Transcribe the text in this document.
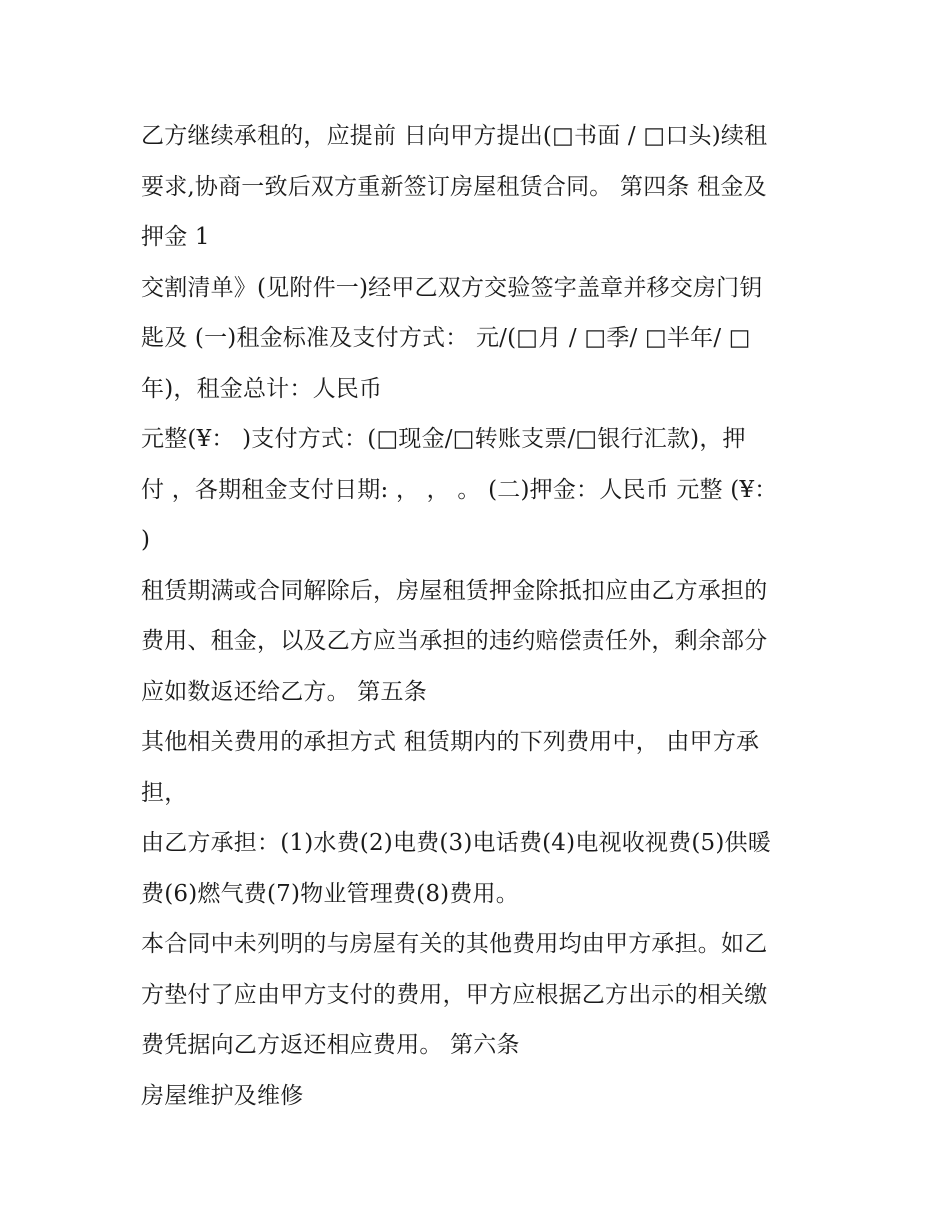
乙方继续承租的，应提前 日向甲方提出(□书面 / □口头)续租
要求,协商一致后双方重新签订房屋租赁合同。 第四条 租金及
押金 1
交割清单》(见附件一)经甲乙双方交验签字盖章并移交房门钥
匙及 (一)租金标准及支付方式： 元/(□月 / □季/ □半年/ □
年)，租金总计：人民币
元整(¥： )支付方式：(□现金/□转账支票/□银行汇款)，押
付 ，各期租金支付日期: ， ， 。 (二)押金：人民币 元整 (¥：
)
租赁期满或合同解除后，房屋租赁押金除抵扣应由乙方承担的
费用、租金，以及乙方应当承担的违约赔偿责任外，剩余部分
应如数返还给乙方。 第五条
其他相关费用的承担方式 租赁期内的下列费用中， 由甲方承
担，
由乙方承担：(1)水费(2)电费(3)电话费(4)电视收视费(5)供暖
费(6)燃气费(7)物业管理费(8)费用。
本合同中未列明的与房屋有关的其他费用均由甲方承担。如乙
方垫付了应由甲方支付的费用，甲方应根据乙方出示的相关缴
费凭据向乙方返还相应费用。 第六条
房屋维护及维修
